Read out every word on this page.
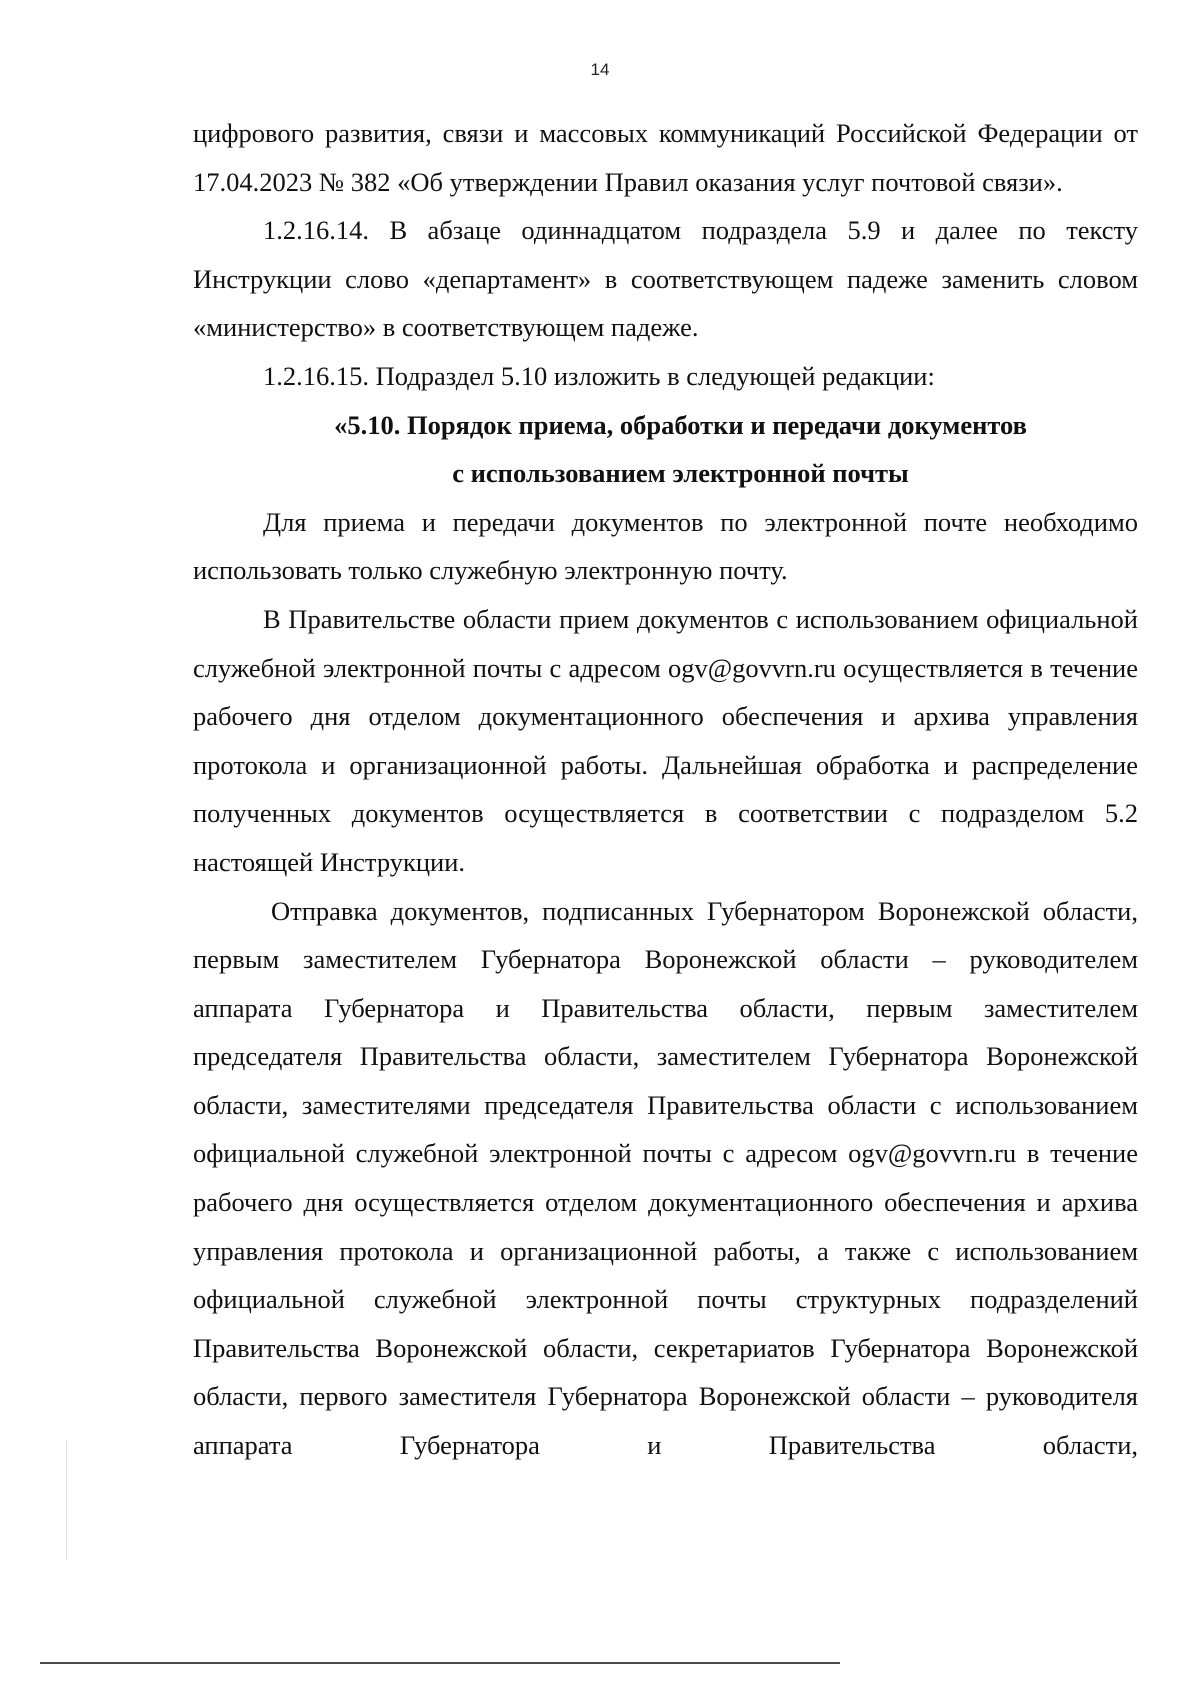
14

цифрового развития, связи и массовых коммуникаций Российской Федерации от 17.04.2023 № 382 «Об утверждении Правил оказания услуг почтовой связи».

1.2.16.14. В абзаце одиннадцатом подраздела 5.9 и далее по тексту Инструкции слово «департамент» в соответствующем падеже заменить словом «министерство» в соответствующем падеже.

1.2.16.15. Подраздел 5.10 изложить в следующей редакции:

«5.10. Порядок приема, обработки и передачи документов

с использованием электронной почты

Для приема и передачи документов по электронной почте необходимо использовать только служебную электронную почту.

В Правительстве области прием документов с использованием официальной служебной электронной почты с адресом ogv@govvrn.ru осуществляется в течение рабочего дня отделом документационного обеспечения и архива управления протокола и организационной работы. Дальнейшая обработка и распределение полученных документов осуществляется в соответствии с подразделом 5.2 настоящей Инструкции.

Отправка документов, подписанных Губернатором Воронежской области, первым заместителем Губернатора Воронежской области – руководителем аппарата Губернатора и Правительства области, первым заместителем председателя Правительства области, заместителем Губернатора Воронежской области, заместителями председателя Правительства области с использованием официальной служебной электронной почты с адресом ogv@govvrn.ru в течение рабочего дня осуществляется отделом документационного обеспечения и архива управления протокола и организационной работы, а также с использованием официальной служебной электронной почты структурных подразделений Правительства Воронежской области, секретариатов Губернатора Воронежской области, первого заместителя Губернатора Воронежской области – руководителя аппарата Губернатора и Правительства области,
